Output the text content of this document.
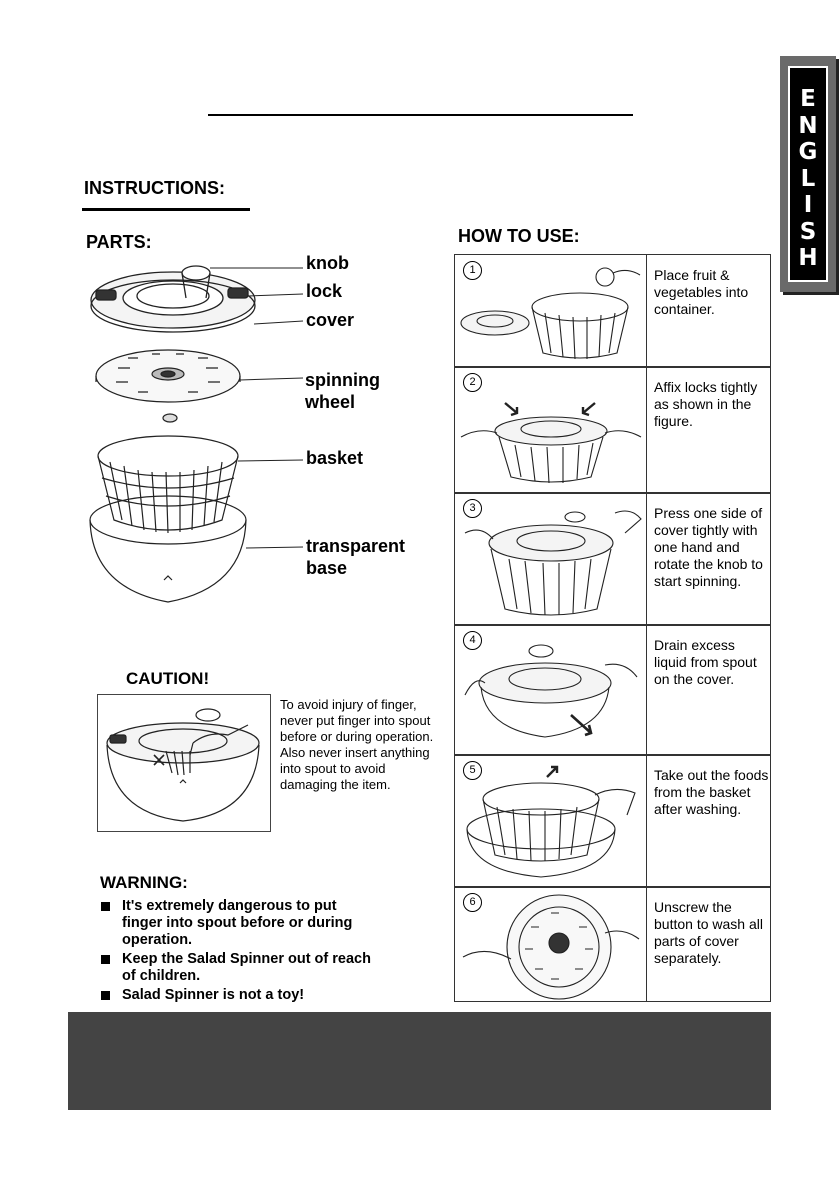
E
N
G
L
I
S
H
INSTRUCTIONS:
PARTS:
knob
lock
cover
spinning
wheel
basket
transparent
base
CAUTION!
To avoid injury of finger, never put finger into spout before or during operation. Also never insert anything into spout to avoid damaging the item.
WARNING:
It's extremely dangerous to put
finger into spout before or during
operation.
Keep the Salad Spinner out of reach
of children.
Salad Spinner is not a toy!
HOW TO USE:
1	Place fruit & vegetables into container.
2	Affix locks tightly as shown in the figure.
3	Press one side of cover tightly with one hand and rotate the knob to start spinning.
4	Drain excess liquid from spout on the cover.
5	Take out the foods from the basket after washing.
6	Unscrew the button to wash all parts of cover separately.
